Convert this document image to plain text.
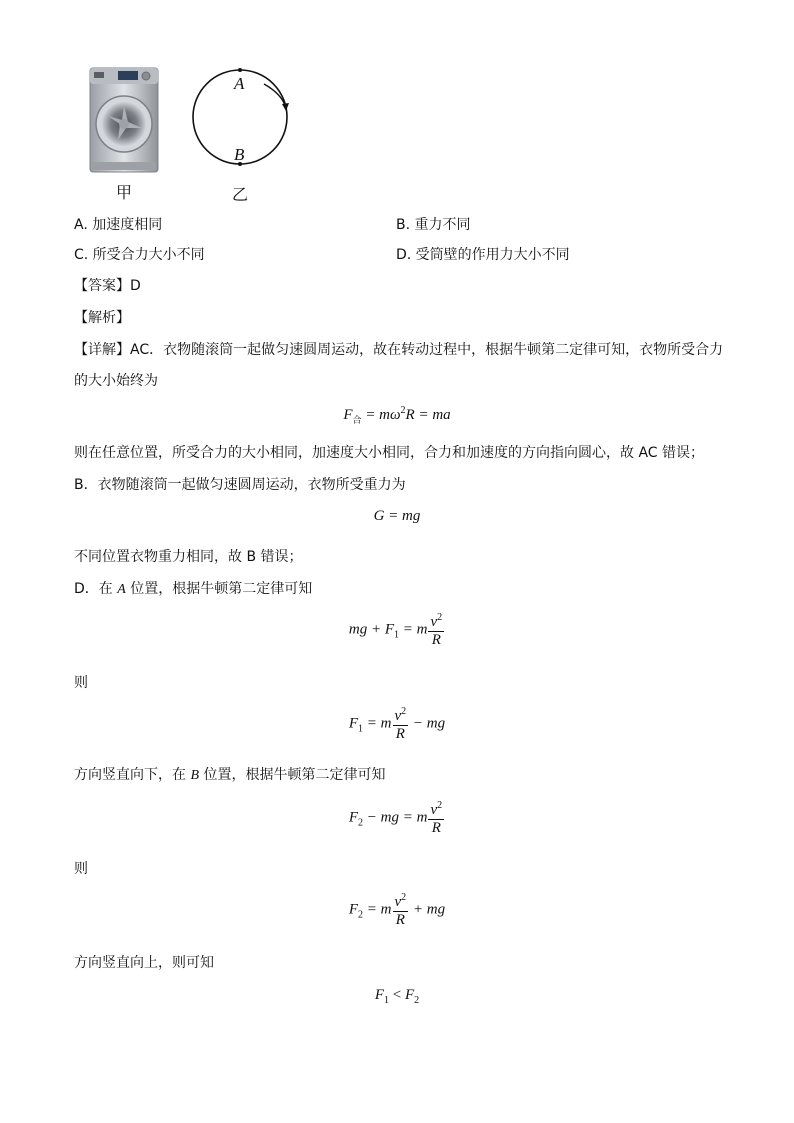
甲
A
B
乙
A. 加速度相同	B. 重力不同
C. 所受合力大小不同	D. 受筒壁的作用力大小不同
【答案】D
【解析】
【详解】AC．衣物随滚筒一起做匀速圆周运动，故在转动过程中，根据牛顿第二定律可知，衣物所受合力
的大小始终为
$F_合 = m\omega^2R$ = ma
则在任意位置，所受合力的大小相同，加速度大小相同，合力和加速度的方向指向圆心，故 AC 错误；
B．衣物随滚筒一起做匀速圆周运动，衣物所受重力为
G = mg
不同位置衣物重力相同，故 B 错误；
D．在 A 位置，根据牛顿第二定律可知
mg + $F_1 = m \frac{v^2}{R}$
则
$F_1 = m \frac{v^2}{R}$ − mg
方向竖直向下，在 B 位置，根据牛顿第二定律可知
$F_2$ − mg = m $\frac{v^2}{R}$
则
$F_2 = m \frac{v^2}{R}$ + mg
方向竖直向上，则可知
$F_1 < F_2$
